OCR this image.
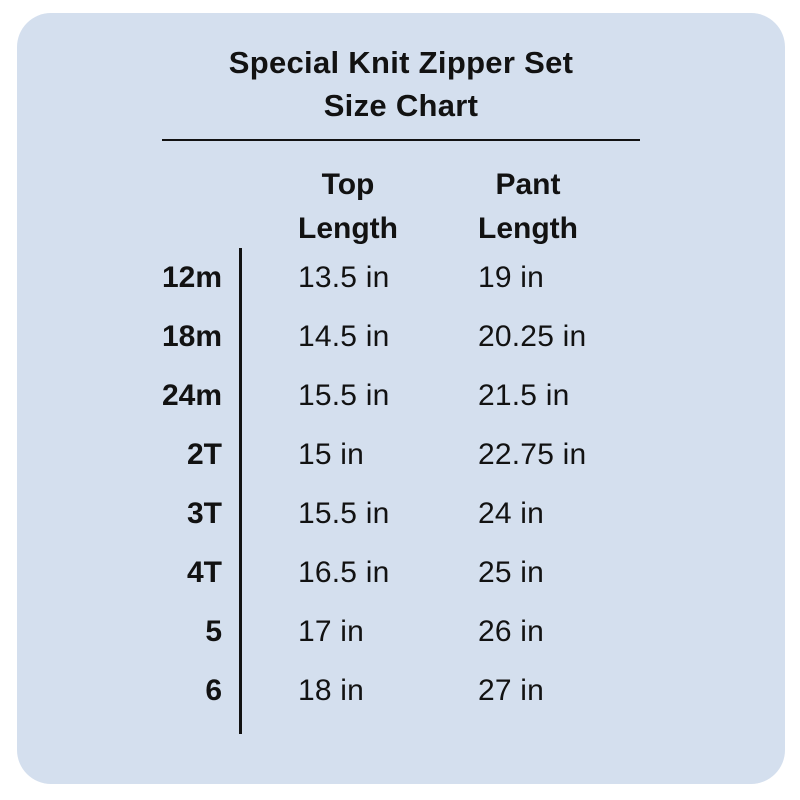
Special Knit Zipper Set
Size Chart
Top
Length
Pant
Length
12m	13.5 in	19 in
18m	14.5 in	20.25 in
24m	15.5 in	21.5 in
2T	15 in	22.75 in
3T	15.5 in	24 in
4T	16.5 in	25 in
5	17 in	26 in
6	18 in	27 in
